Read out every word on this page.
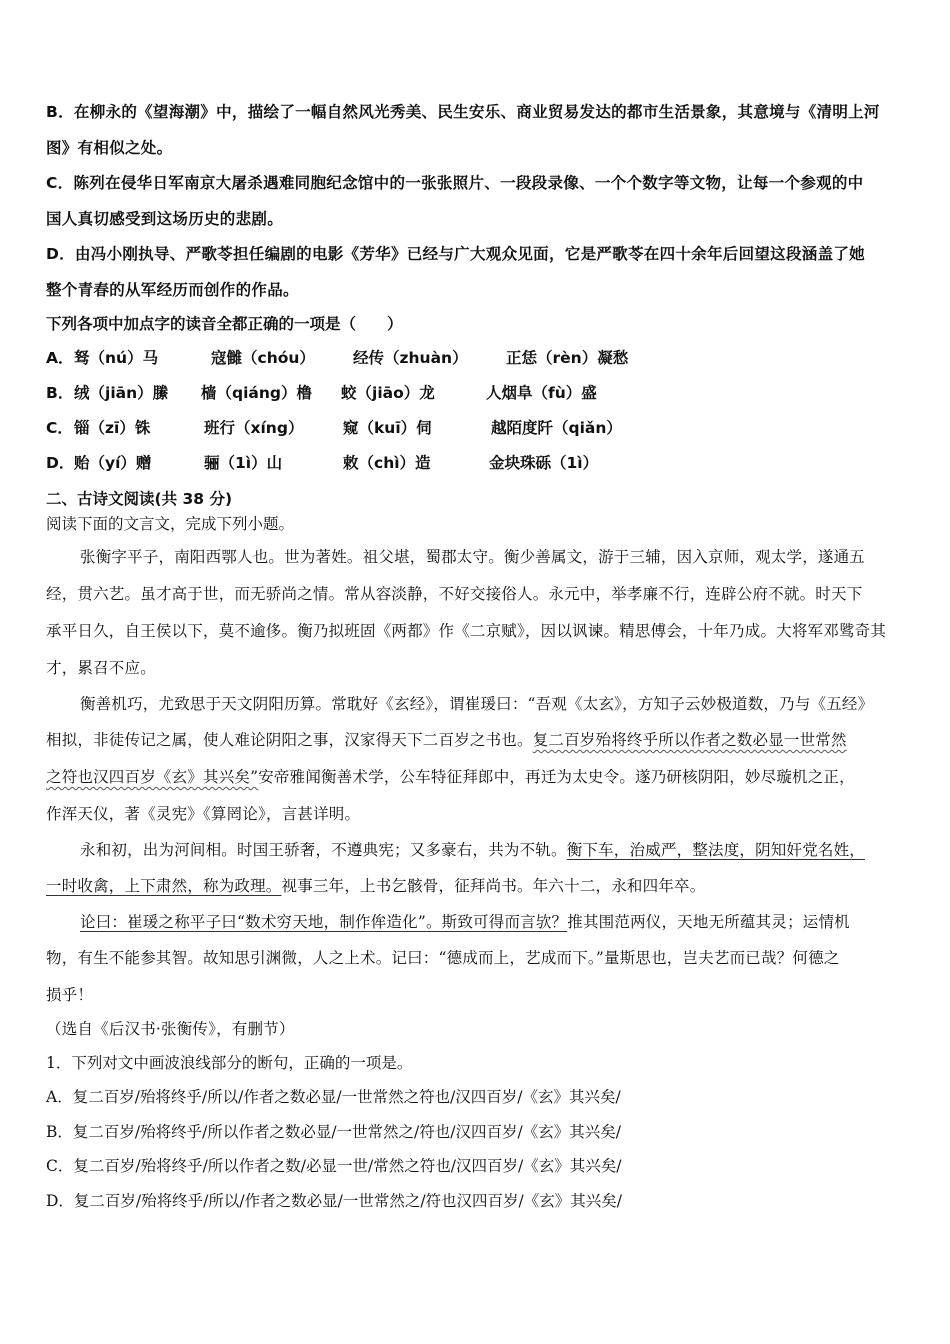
B．在柳永的《望海潮》中，描绘了一幅自然风光秀美、民生安乐、商业贸易发达的都市生活景象，其意境与《清明上河
图》有相似之处。
C．陈列在侵华日军南京大屠杀遇难同胞纪念馆中的一张张照片、一段段录像、一个个数字等文物，让每一个参观的中
国人真切感受到这场历史的悲剧。
D．由冯小刚执导、严歌苓担任编剧的电影《芳华》已经与广大观众见面，它是严歌苓在四十余年后回望这段涵盖了她
整个青春的从军经历而创作的作品。
下列各项中加点字的读音全都正确的一项是（　　）
A． 驽（nú）马	寇雠（chóu） 经传（zhuàn） 正恁（rèn）凝愁
B． 绒（jiān）縢 樯（qiáng）橹 蛟（jiāo）龙	人烟阜（fù）盛
C． 锱（zī）铢	班行（xíng）	窥（kuī）伺	越陌度阡（qiǎn）
D． 贻（yí）赠	骊（1ì）山	敕（chì）造	金块珠砾（1ì）
二、古诗文阅读(共 38 分)
阅读下面的文言文，完成下列小题。
张衡字平子，南阳西鄂人也。世为著姓。祖父堪，蜀郡太守。衡少善属文，游于三辅，因入京师，观太学，遂通五
经，贯六艺。虽才高于世，而无骄尚之情。常从容淡静，不好交接俗人。永元中，举孝廉不行，连辟公府不就。时天下
承平日久，自王侯以下，莫不逾侈。衡乃拟班固《两都》作《二京赋》，因以讽谏。精思傅会，十年乃成。大将军邓骘奇其
才，累召不应。
衡善机巧，尤致思于天文阴阳历算。常耽好《玄经》，谓崔瑗曰：“吾观《太玄》，方知子云妙极道数，乃与《五经》
相拟，非徒传记之属，使人难论阴阳之事，汉家得天下二百岁之书也。复二百岁殆将终乎所以作者之数必显一世常然
之符也汉四百岁《玄》其兴矣”安帝雅闻衡善术学，公车特征拜郎中，再迁为太史令。遂乃研核阴阳，妙尽璇机之正，
作浑天仪，著《灵宪》《算罔论》，言甚详明。
永和初，出为河间相。时国王骄奢，不遵典宪；又多豪右，共为不轨。衡下车，治威严，整法度，阴知奸党名姓，
一时收禽，上下肃然，称为政理。视事三年，上书乞骸骨，征拜尚书。年六十二，永和四年卒。
论曰：崔瑗之称平子曰“数术穷天地，制作侔造化”。斯致可得而言欤？推其围范两仪，天地无所蕴其灵；运情机
物，有生不能参其智。故知思引渊微，人之上术。记曰：“德成而上，艺成而下。”量斯思也，岂夫艺而已哉？何德之
损乎！
（选自《后汉书·张衡传》，有删节）
1．下列对文中画波浪线部分的断句，正确的一项是。
A．复二百岁/殆将终乎/所以/作者之数必显/一世常然之符也/汉四百岁/《玄》其兴矣/
B．复二百岁/殆将终乎/所以作者之数必显/一世常然之/符也/汉四百岁/《玄》其兴矣/
C．复二百岁/殆将终乎/所以作者之数/必显一世/常然之符也/汉四百岁/《玄》其兴矣/
D．复二百岁/殆将终乎/所以/作者之数必显/一世常然之/符也汉四百岁/《玄》其兴矣/
